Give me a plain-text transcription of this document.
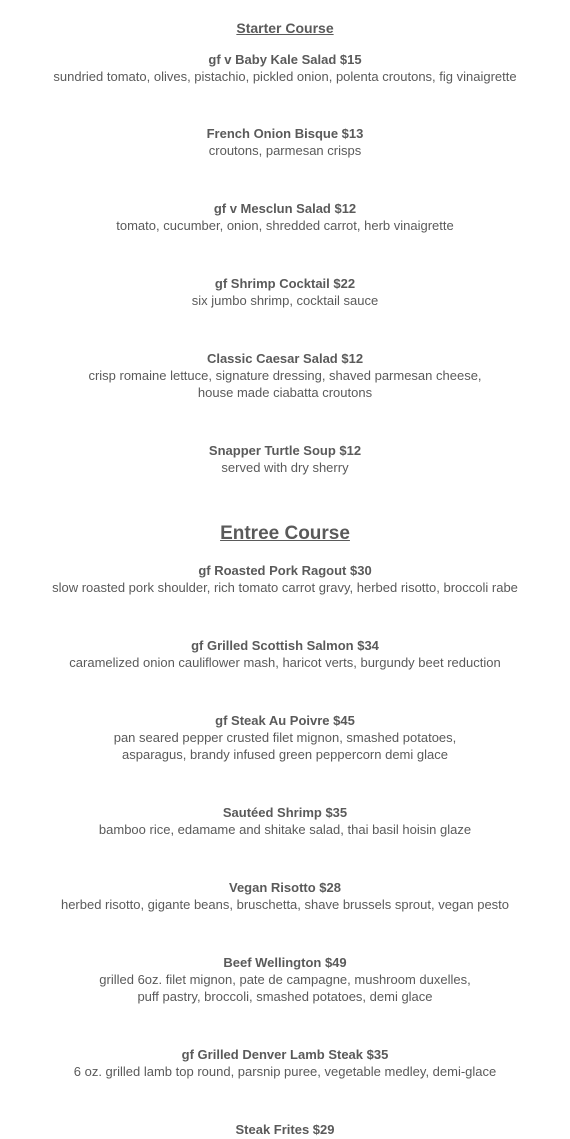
Starter Course
gf v Baby Kale Salad $15
sundried tomato, olives, pistachio, pickled onion, polenta croutons, fig vinaigrette
French Onion Bisque $13
croutons, parmesan crisps
gf v Mesclun Salad $12
tomato, cucumber, onion, shredded carrot, herb vinaigrette
gf Shrimp Cocktail $22
six jumbo shrimp, cocktail sauce
Classic Caesar Salad $12
crisp romaine lettuce, signature dressing, shaved parmesan cheese,
house made ciabatta croutons
Snapper Turtle Soup $12
served with dry sherry
Entree Course
gf Roasted Pork Ragout $30
slow roasted pork shoulder, rich tomato carrot gravy, herbed risotto, broccoli rabe
gf Grilled Scottish Salmon $34
caramelized onion cauliflower mash, haricot verts, burgundy beet reduction
gf Steak Au Poivre $45
pan seared pepper crusted filet mignon, smashed potatoes,
asparagus, brandy infused green peppercorn demi glace
Sautéed Shrimp $35
bamboo rice, edamame and shitake salad, thai basil hoisin glaze
Vegan Risotto $28
herbed risotto, gigante beans, bruschetta, shave brussels sprout, vegan pesto
Beef Wellington $49
grilled 6oz. filet mignon, pate de campagne, mushroom duxelles,
puff pastry, broccoli, smashed potatoes, demi glace
gf Grilled Denver Lamb Steak $35
6 oz. grilled lamb top round, parsnip puree, vegetable medley, demi-glace
Steak Frites $29
